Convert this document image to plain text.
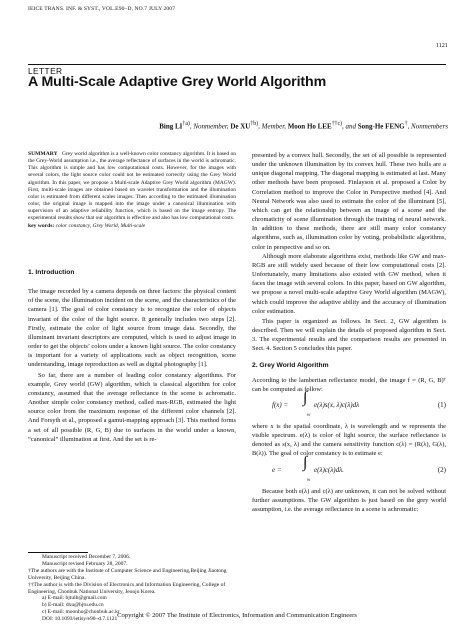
IEICE TRANS. INF. & SYST., VOL.E90–D, NO.7 JULY 2007
1121
LETTER
A Multi-Scale Adaptive Grey World Algorithm
Bing LI$^{\dagger a)}$, Nonmember, De XU$^{\dagger b)}$, Member, Moon Ho LEE$^{\dagger\dagger c)}$, and Song-He FENG†, Nonmembers
SUMMARY Grey world algorithm is a well-known color constancy algorithm. It is based on the Grey-World assumption i.e., the average reflectance of surfaces in the world is achromatic. This algorithm is simple and has low computational costs. However, for the images with several colors, the light source color could not be estimated correctly using the Grey World algorithm. In this paper, we propose a Multi-scale Adaptive Grey World algorithm (MAGW). First, multi-scale images are obtained based on wavelet transformation and the illumination color is estimated from different scales images. Then according to the estimated illumination color, the original image is mapped into the image under a canonical illumination with supervision of an adaptive reliability function, which is based on the image entropy. The experimental results show that our algorithm is effective and also has low computational costs.
key words: color constancy, Grey World, Multi-scale
1. Introduction

The image recorded by a camera depends on three factors: the physical content of the scene, the illumination incident on the scene, and the characteristics of the camera [1]. The goal of color constancy is to recognize the color of objects invariant of the color of the light source. It generally includes two steps [2]. Firstly, estimate the color of light source from image data. Secondly, the illuminant invariant descriptors are computed, which is used to adjust image in order to get the objects’ colors under a known light source. The color constancy is important for a variety of applications such as object recognition, scene understanding, image reproduction as well as digital photography [1].

So far, there are a number of leading color constancy algorithms. For example, Grey world (GW) algorithm, which is classical algorithm for color constancy, assumed that the average reflectance in the scene is achromatic. Another simple color constancy method, called max-RGB, estimated the light source color from the maximum response of the different color channels [2]. And Forsyth et al., proposed a gamut-mapping approach [3]. This method forms a set of all possible (R, G, B) due to surfaces in the world under a known, “canonical” illumination at first. And the set is re-

Manuscript received December 7, 2006.
Manuscript revised February 28, 2007.
†The authors are with the Institute of Computer Science and Engineering,Beijing Jiaotong University, Beijing China.
††The author is with the Division of Electronics and Information Engineering, College of Engineering, Chonbuk National University, Jeonju Korea.
a) E-mail: bjtulb@gmail.com
b) E-mail: dxu@bjtu.edu.cn
c) E-mail: moonho@chonbuk.ac.kr
DOI: 10.1093/ietisy/e90–d.7.1121

presented by a convex hull. Secondly, the set of all possible is represented under the unknown illumination by its convex hull. These two hulls are a unique diagonal mapping. The diagonal mapping is estimated at last. Many other methods have been proposed. Finlayson et al. proposed a Color by Correlation method to improve the Color in Perspective method [4]. And Neural Network was also used to estimate the color of the illuminant [5], which can get the relationship between an image of a scene and the chromaticity of scene illumination through the training of neural network. In addition to these methods, there are still many color constancy algorithms, such as, illumination color by voting, probabilistic algorithms, color in perspective and so on.

Although more elaborate algorithms exist, methods like GW and max-RGB are still widely used because of their low computational costs [2]. Unfortunately, many limitations also existed with GW method, when it faces the image with several colors. In this paper, based on GW algorithm, we propose a novel multi-scale adaptive Grey World algorithm (MAGW), which could improve the adaptive ability and the accuracy of illumination color estimation.

This paper is organized as follows. In Sect. 2, GW algorithm is described. Then we will explain the details of proposed algorithm in Sect. 3. The experimental results and the comparison results are presented in Sect. 4. Section 5 concludes this paper.

2. Grey World Algorithm

According to the lambertian reflectance model, the image f = (R, G, B)ᵀ can be computed as follow:

f(x) = ∫
w
e(λ)s(x, λ)c(λ)dλ	(1)

where x is the spatial coordinate, λ is wavelength and w represents the visible spectrum. e(λ) is color of light source, the surface reflectance is denoted as s(x, λ) and the camera sensitivity function c(λ) = (R(λ), G(λ), B(λ)). The goal of color constancy is to estimate e:

e = ∫
w
e(λ)c(λ)dλ.	(2)

Because both e(λ) and c(λ) are unknown, it can not be solved without further assumptions. The GW algorithm is just based on the grey world assumption, i.e. the average reflectance in a scene is achromatic:

Copyright © 2007 The Institute of Electronics, Information and Communication Engineers
